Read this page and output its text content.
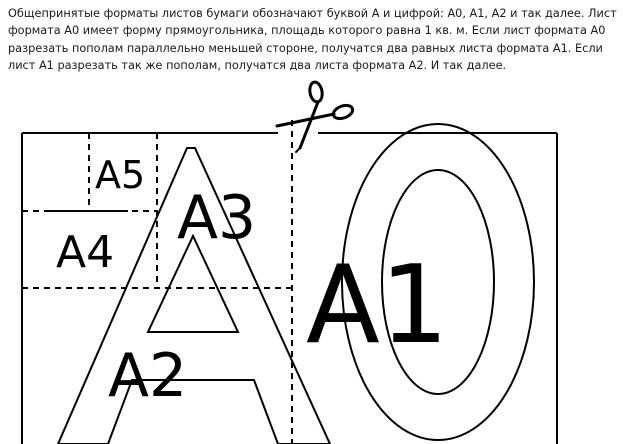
Общепринятые форматы листов бумаги обозначают буквой А и цифрой: А0, А1, А2 и так далее. Лист формата А0 имеет форму прямоугольника, площадь которого равна 1 кв. м. Если лист формата А0 разрезать пополам параллельно меньшей стороне, получатся два равных листа формата А1. Если лист А1 разрезать так же пополам, получатся два листа формата А2. И так далее.

А1
А2
А3
А4
А5
